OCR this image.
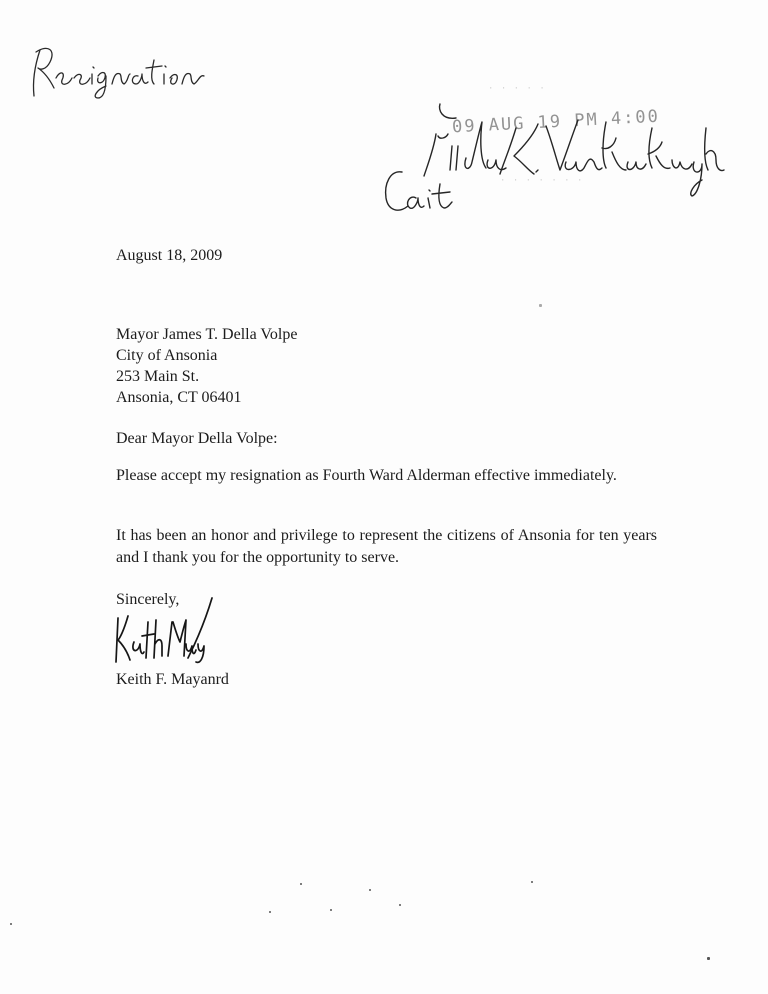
· · · · ·
09 AUG 19 PM 4:00
· · · · · · ·
August 18, 2009
Mayor James T. Della Volpe
City of Ansonia
253 Main St.
Ansonia, CT 06401
Dear Mayor Della Volpe:
Please accept my resignation as Fourth Ward Alderman effective immediately.
It has been an honor and privilege to represent the citizens of Ansonia for ten years and I thank you for the opportunity to serve.
Sincerely,
Keith F. Mayanrd
